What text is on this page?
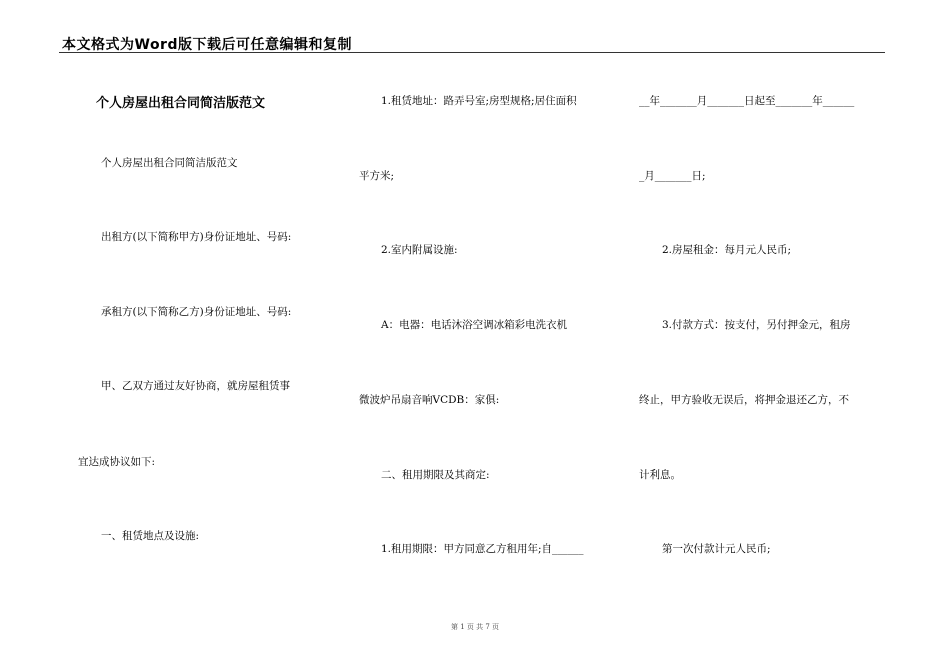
本文格式为Word版下载后可任意编辑和复制
个人房屋出租合同简洁版范文
个人房屋出租合同简洁版范文
出租方(以下简称甲方)身份证地址、号码:
承租方(以下简称乙方)身份证地址、号码:
甲、乙双方通过友好协商，就房屋租赁事
宜达成协议如下:
一、租赁地点及设施:
1.租赁地址：路弄号室;房型规格;居住面积
平方米;
2.室内附属设施:
A：电器：电话沐浴空调冰箱彩电洗衣机
微波炉吊扇音响VCDB：家俱:
二、租用期限及其商定:
1.租用期限：甲方同意乙方租用年;自______
__年_______月_______日起至_______年______
_月_______日;
2.房屋租金：每月元人民币;
3.付款方式：按支付，另付押金元，租房
终止，甲方验收无误后，将押金退还乙方，不
计利息。
第一次付款计元人民币;
第 1 页 共 7 页
